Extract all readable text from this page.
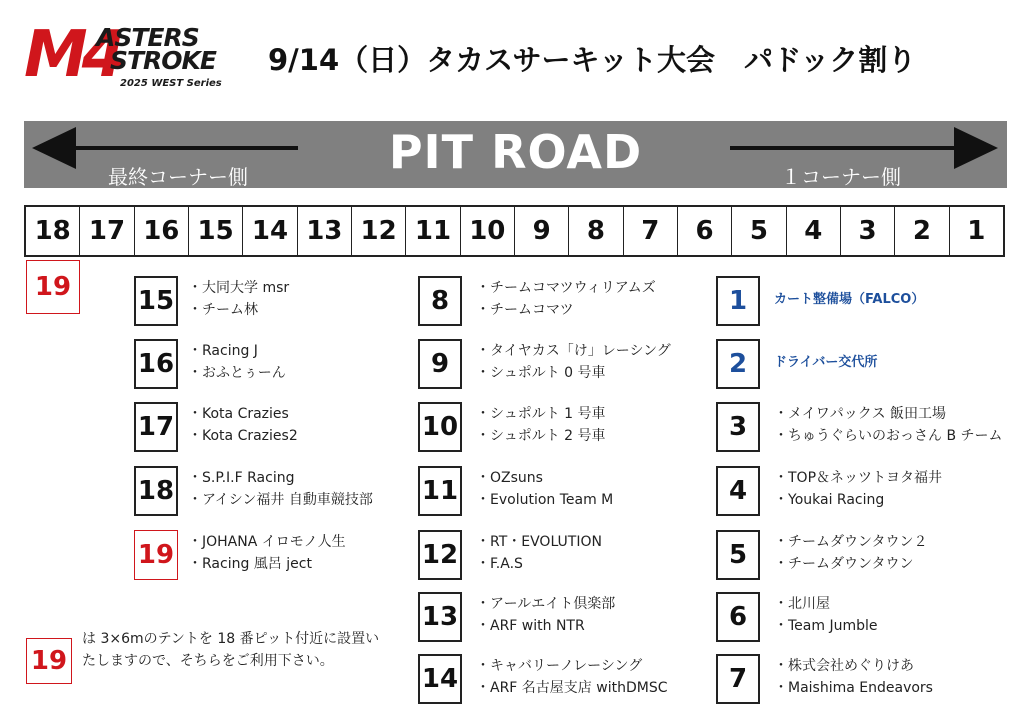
M4
ASTERS
STROKE
2025 WEST Series
9/14（日）タカスサーキット大会　パドック割り
PIT ROAD
最終コーナー側	１コーナー側
18 17 16 15 14 13 12 11 10	9	8	7	6	5	4	3	2	1
19	15 ・大同大学 msr
・チーム林
16 ・Racing J
・おふとぅーん
17 ・Kota Crazies
・Kota Crazies2
18 ・S.P.I.F Racing
・アイシン福井 自動車競技部
19 ・JOHANA イロモノ人生
・Racing 風呂 ject
8	・チームコマツウィリアムズ
・チームコマツ
9	・タイヤカス「け」レーシング
・シュポルト 0 号車
10 ・シュポルト 1 号車
・シュポルト 2 号車
11 ・OZsuns
・Evolution Team M
12 ・RT・EVOLUTION
・F.A.S
13 ・アールエイト倶楽部
・ARF with NTR
14 ・キャバリーノレーシング
・ARF 名古屋支店 withDMSC
1	カート整備場（FALCO）
2	ドライバー交代所
3	・メイワパックス 飯田工場
・ちゅうぐらいのおっさん B チーム
4	・TOP＆ネッツトヨタ福井
・Youkai Racing
5	・チームダウンタウン２
・チームダウンタウン
6	・北川屋
・Team Jumble
7	・株式会社めぐりけあ
・Maishima Endeavors
19
は 3×6mのテントを 18 番ピット付近に設置いたしますので、そちらをご利用下さい。
